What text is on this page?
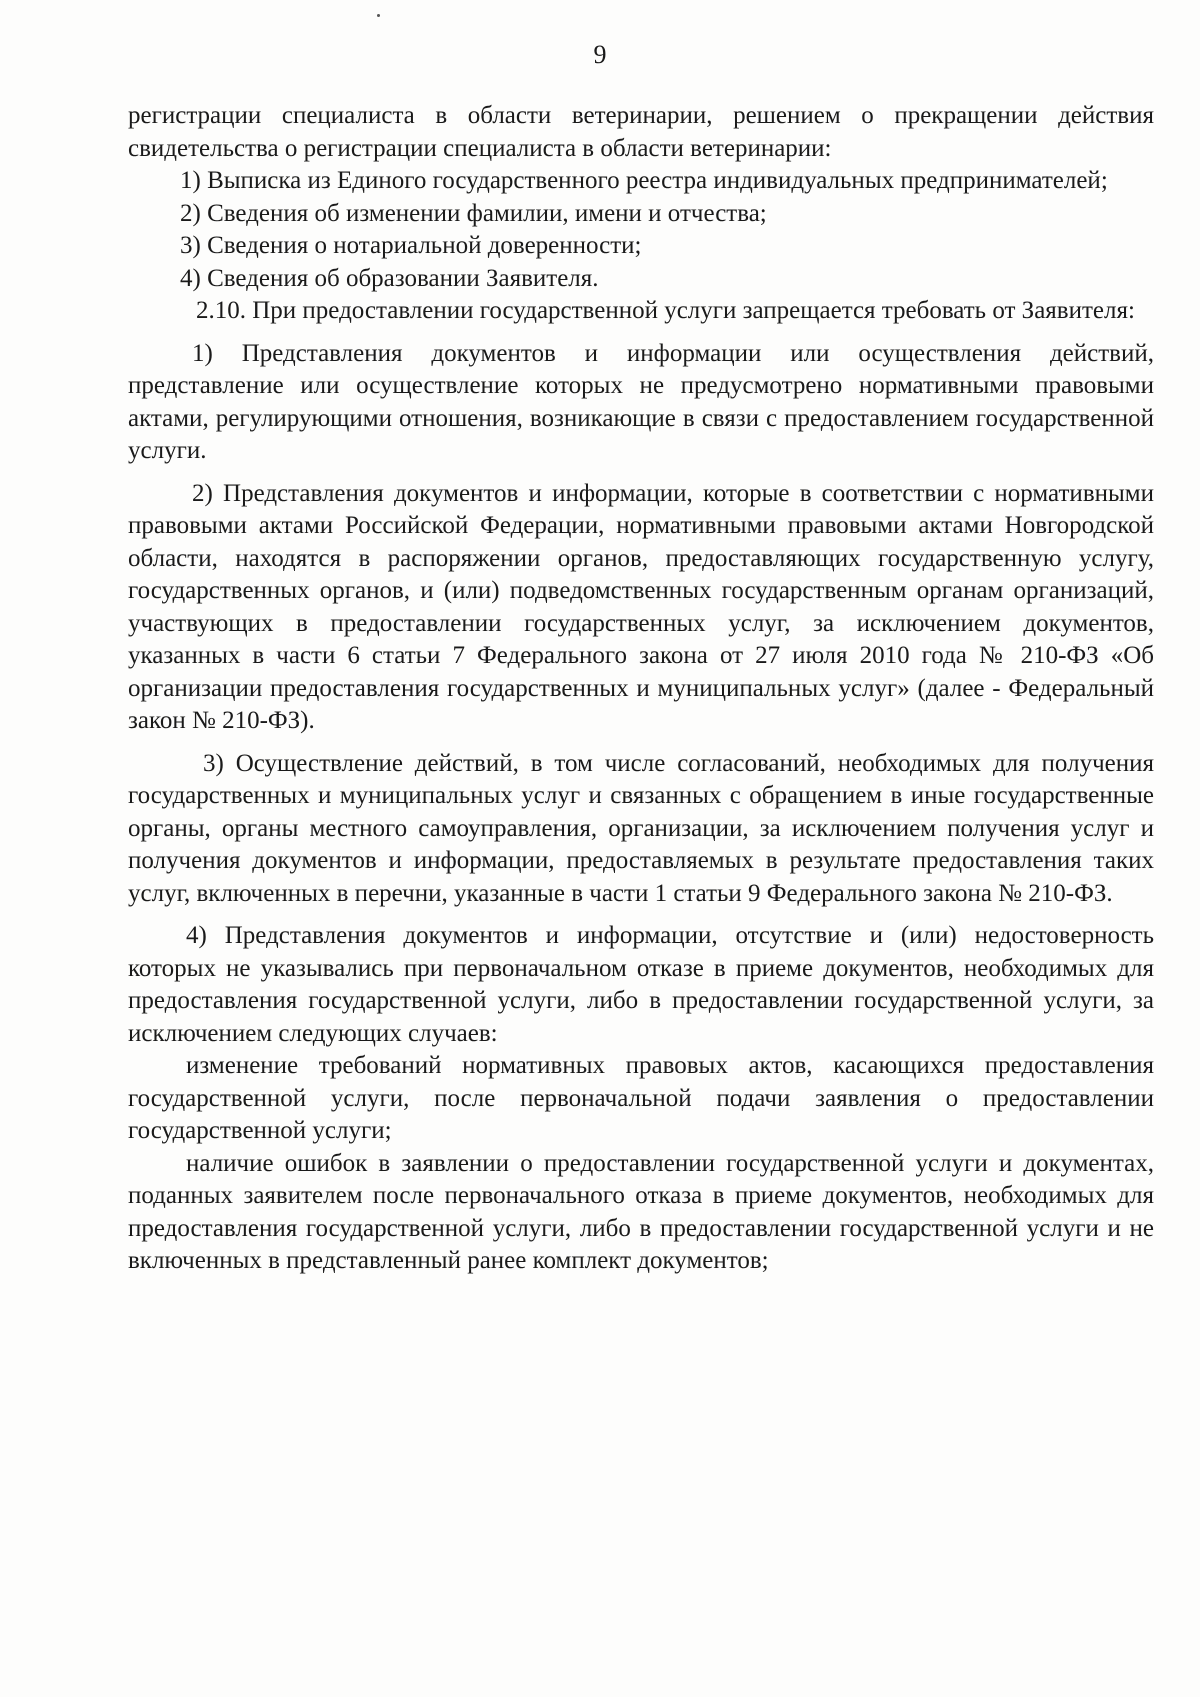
9

регистрации специалиста в области ветеринарии, решением о прекращении действия свидетельства о регистрации специалиста в области ветеринарии:

1) Выписка из Единого государственного реестра индивидуальных предпринимателей;

2) Сведения об изменении фамилии, имени и отчества;

3) Сведения о нотариальной доверенности;

4) Сведения об образовании Заявителя.

2.10. При предоставлении государственной услуги запрещается требовать от Заявителя:

1) Представления документов и информации или осуществления действий, представление или осуществление которых не предусмотрено нормативными правовыми актами, регулирующими отношения, возникающие в связи с предоставлением государственной услуги.

2) Представления документов и информации, которые в соответствии с нормативными правовыми актами Российской Федерации, нормативными правовыми актами Новгородской области, находятся в распоряжении органов, предоставляющих государственную услугу, государственных органов, и (или) подведомственных государственным органам организаций, участвующих в предоставлении государственных услуг, за исключением документов, указанных в части 6 статьи 7 Федерального закона от 27 июля 2010 года № 210-ФЗ «Об организации предоставления государственных и муниципальных услуг» (далее - Федеральный закон № 210-ФЗ).

3) Осуществление действий, в том числе согласований, необходимых для получения государственных и муниципальных услуг и связанных с обращением в иные государственные органы, органы местного самоуправления, организации, за исключением получения услуг и получения документов и информации, предоставляемых в результате предоставления таких услуг, включенных в перечни, указанные в части 1 статьи 9 Федерального закона № 210-ФЗ.

4) Представления документов и информации, отсутствие и (или) недостоверность которых не указывались при первоначальном отказе в приеме документов, необходимых для предоставления государственной услуги, либо в предоставлении государственной услуги, за исключением следующих случаев:

изменение требований нормативных правовых актов, касающихся предоставления государственной услуги, после первоначальной подачи заявления о предоставлении государственной услуги;

наличие ошибок в заявлении о предоставлении государственной услуги и документах, поданных заявителем после первоначального отказа в приеме документов, необходимых для предоставления государственной услуги, либо в предоставлении государственной услуги и не включенных в представленный ранее комплект документов;
